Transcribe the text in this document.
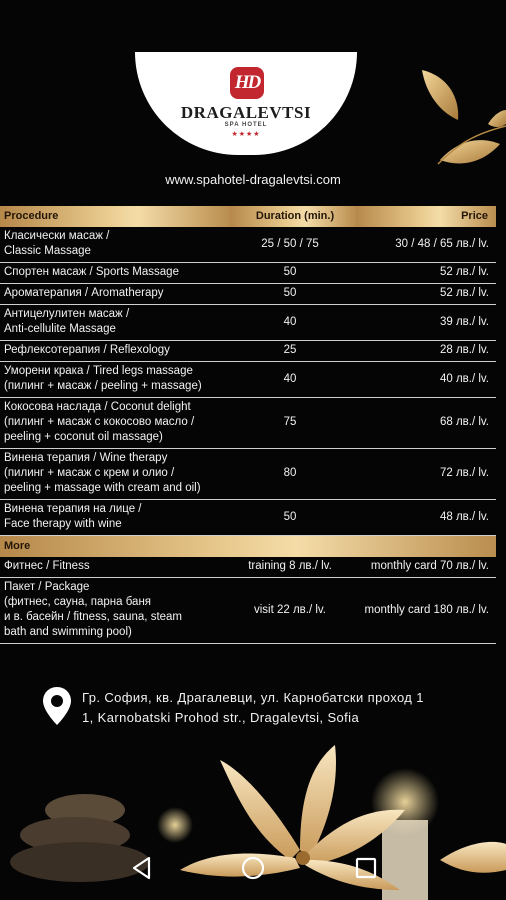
HD
DRAGALEVTSI
SPA HOTEL
★★★★
www.spahotel-dragalevtsi.com
Procedure	Duration (min.)	Price
Класически масаж /
Classic Massage	25 / 50 / 75	30 / 48 / 65 лв./ lv.
Спортен масаж / Sports Massage	50	52 лв./ lv.
Ароматерапия / Aromatherapy	50	52 лв./ lv.
Антицелулитен масаж /
Anti-cellulite Massage	40	39 лв./ lv.
Рефлексотерапия / Reflexology	25	28 лв./ lv.
Уморени крака / Tired legs massage
(пилинг + масаж / peeling + massage)	40	40 лв./ lv.
Кокосова наслада / Coconut delight
(пилинг + масаж с кокосово масло /
peeling + coconut oil massage)	75	68 лв./ lv.
Винена терапия / Wine therapy
(пилинг + масаж с крем и олио /
peeling + massage with cream and oil)	80	72 лв./ lv.
Винена терапия на лице /
Face therapy with wine	50	48 лв./ lv.
More		
Фитнес / Fitness	training 8 лв./ lv.	monthly card 70 лв./ lv.
Пакет / Package
(фитнес, сауна, парна баня
и в. басейн / fitness, sauna, steam
bath and swimming pool)	visit 22 лв./ lv.	monthly card 180 лв./ lv.
Гр. София, кв. Драгалевци, ул. Карнобатски проход 1
1, Karnobatski Prohod str., Dragalevtsi, Sofia
